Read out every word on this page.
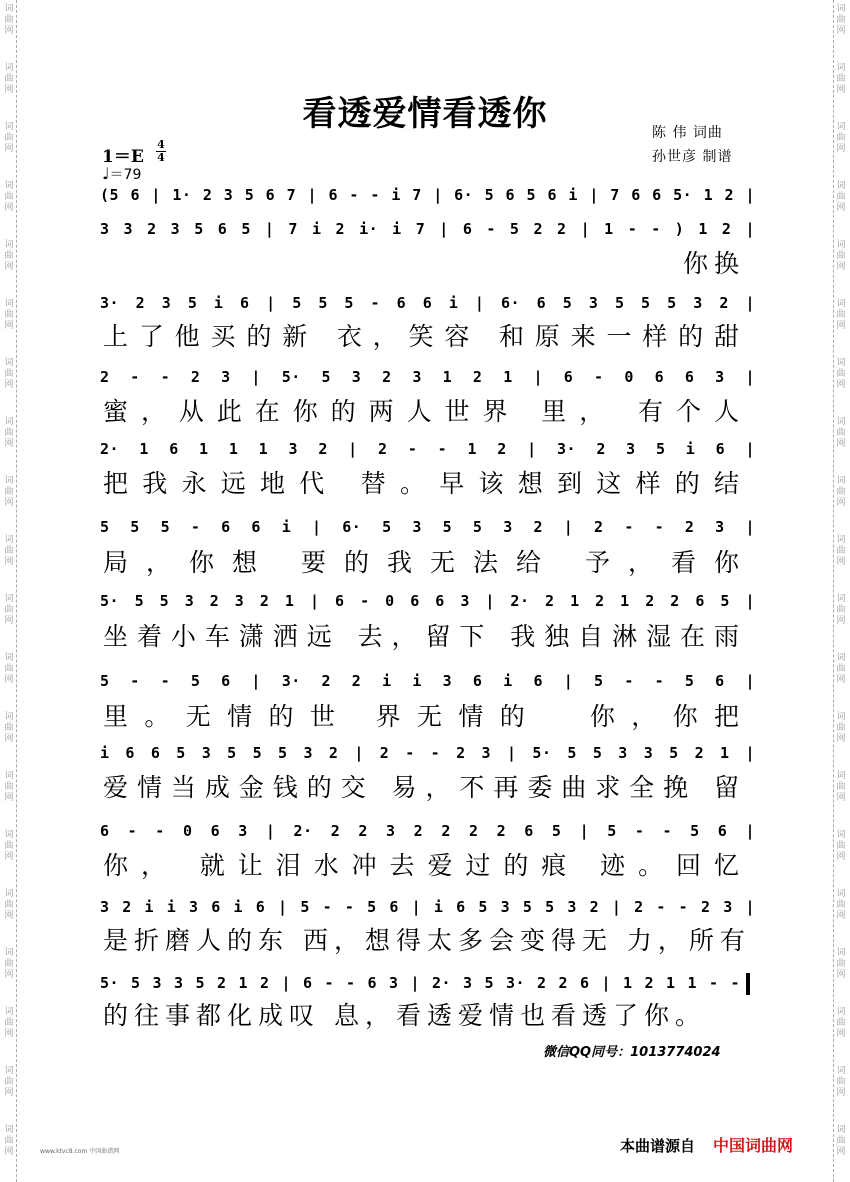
词
曲
网
词
曲
网
词
曲
网
词
曲
网
词
曲
网
词
曲
网
词
曲
网
词
曲
网
词
曲
网
词
曲
网
词
曲
网
词
曲
网
词
曲
网
词
曲
网
词
曲
网
词
曲
网
词
曲
网
词
曲
网
词
曲
网
词
曲
网
词
曲
网
词
曲
网
词
曲
网
词
曲
网
词
曲
网
词
曲
网
词
曲
网
词
曲
网
词
曲
网
词
曲
网
词
曲
网
词
曲
网
词
曲
网
词
曲
网
词
曲
网
词
曲
网
词
曲
网
词
曲
网
词
曲
网
词
曲
网
看透爱情看透你	陈 伟 词曲
孙世彦 制谱
1＝E
4
4
♩＝79
(5 6 | 1· 2 3 5 6 7 | 6 - - i 7 | 6· 5 6 5 6 i | 7 6 6 5· 1 2 |
3 3 2 3 5 6 5 | 7 i 2 i· i 7 | 6 - 5 2 2 | 1 - - ) 1 2 |
你换
3· 2 3 5 i 6 | 5 5 5 - 6 6 i | 6· 6 5 3 5 5 5 3 2 |
上了他买的新 衣，笑容 和原来一样的甜
2 - - 2 3 | 5· 5 3 2 3 1 2 1 | 6 - 0 6 6 3 |
蜜，从此在你的两人世界 里， 有个人
2· 1 6 1 1 1 3 2 | 2 - - 1 2 | 3· 2 3 5 i 6 |
把我永远地代 替。早该想到这样的结
5 5 5 - 6 6 i | 6· 5 3 5 5 3 2 | 2 - - 2 3 |
局，你想 要的我无法给 予，看你
5· 5 5 3 2 3 2 1 | 6 - 0 6 6 3 | 2· 2 1 2 1 2 2 6 5 |
坐着小车潇洒远 去，留下 我独自淋湿在雨
5 - - 5 6 | 3· 2 2 i i 3 6 i 6 | 5 - - 5 6 |
里。无情的世 界无情的  你，你把
i 6 6 5 3 5 5 5 3 2 | 2 - - 2 3 | 5· 5 5 3 3 5 2 1 |
爱情当成金钱的交 易，不再委曲求全挽 留
6 - - 0 6 3 | 2· 2 2 3 2 2 2 2 6 5 | 5 - - 5 6 |
你， 就让泪水冲去爱过的痕 迹。回忆
3 2 i i 3 6 i 6 | 5 - - 5 6 | i 6 5 3 5 5 3 2 | 2 - - 2 3 |
是折磨人的东 西，想得太多会变得无 力，所有
5· 5 3 3 5 2 1 2 | 6 - - 6 3 | 2· 3 5 3· 2 2 6 | 1 2 1 1 - -
的往事都化成叹 息，看透爱情也看透了你。
微信QQ同号：1013774024
www.ktvc8.com 中国曲谱网	本曲谱源自 中国词曲网
